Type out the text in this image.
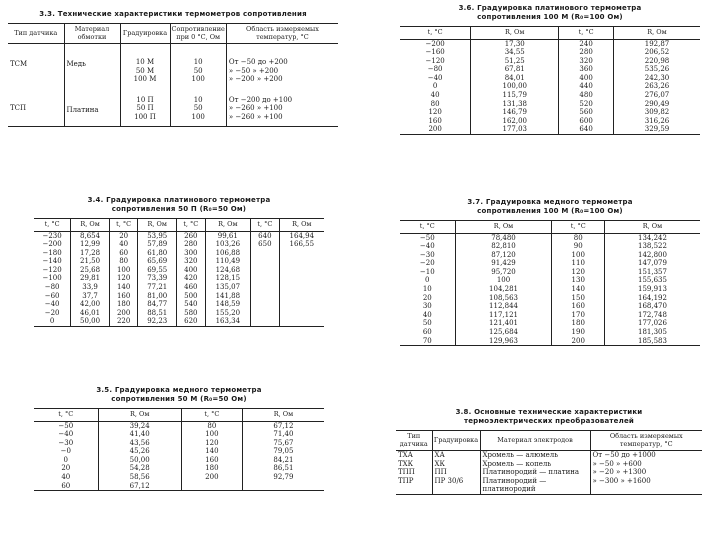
3.3. Технические характеристики термометров сопротивления
Тип датчика	Материал обмотки	Градуировка	Сопротивление при 0 °С, Ом	Область измеряемых температур, °С
ТСМ	Медь	10 М
50 М
100 М	10
50
100	От −50 до +200
» −50 » +200
» −200 » +200
ТСП	Платина	10 П
50 П
100 П	10
50
100	От −200 до +100
» −260 » +100
» −260 » +100
3.4. Градуировка платинового термометра сопротивления 50 П (R₀=50 Ом)
t, °С	R, Ом	t, °С	R, Ом	t, °С	R, Ом	t, °С	R, Ом
−230	8,654	20	53,95	260	99,61	640	164,94
−200	12,99	40	57,89	280	103,26	650	166,55
−180	17,28	60	61,80	300	106,88		
−140	21,50	80	65,69	320	110,49		
−120	25,68	100	69,55	400	124,68		
−100	29,81	120	73,39	420	128,15		
−80	33,9	140	77,21	460	135,07		
−60	37,7	160	81,00	500	141,88		
−40	42,00	180	84,77	540	148,59		
−20	46,01	200	88,51	580	155,20		
0	50,00	220	92,23	620	163,34		
3.5. Градуировка медного термометра сопротивления 50 М (R₀=50 Ом)
t, °С	R, Ом	t, °С	R, Ом
−50	39,24	80	67,12
−40	41,40	100	71,40
−30	43,56	120	75,67
−0	45,26	140	79,05
0	50,00	160	84,21
20	54,28	180	86,51
40	58,56	200	92,79
60	67,12		
3.6. Градуировка платинового термометра сопротивления 100 М (R₀=100 Ом)
t, °С	R, Ом	t, °С	R, Ом
−200	17,30	240	192,87
−160	34,55	280	206,52
−120	51,25	320	220,98
−80	67,81	360	535,26
−40	84,01	400	242,30
0	100,00	440	263,26
40	115,79	480	276,07
80	131,38	520	290,49
120	146,79	560	309,82
160	162,00	600	316,26
200	177,03	640	329,59
3.7. Градуировка медного термометра сопротивления 100 М (R₀=100 Ом)
t, °С	R, Ом	t, °С	R, Ом
−50	78,480	80	134,242
−40	82,810	90	138,522
−30	87,120	100	142,800
−20	91,429	110	147,079
−10	95,720	120	151,357
0	100	130	155,635
10	104,281	140	159,913
20	108,563	150	164,192
30	112,844	160	168,470
40	117,121	170	172,748
50	121,401	180	177,026
60	125,684	190	181,305
70	129,963	200	185,583
3.8. Основные технические характеристики термоэлектрических преобразователей
Тип датчика	Градуировка	Материал электродов	Область измеряемых температур, °С
ТХА	ХА	Хромель — алюмель	От −50 до +1000
ТХК	ХК	Хромель — копель	» −50 » +600
ТПП	ПП	Платинородий — платина	» −20 » +1300
ТПР	ПР 30/6	Платинородий — платинородий	» −300 » +1600
